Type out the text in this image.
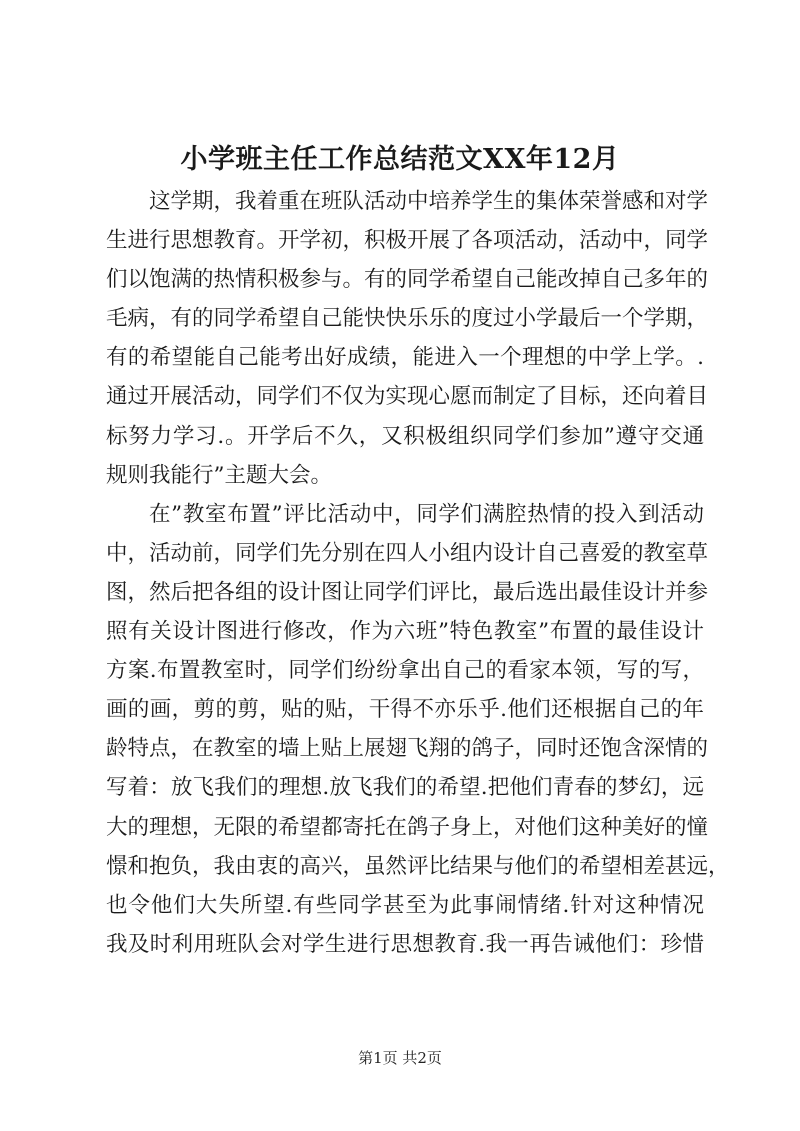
小学班主任工作总结范文XX年12月
这学期，我着重在班队活动中培养学生的集体荣誉感和对学
生进行思想教育。开学初，积极开展了各项活动，活动中，同学
们以饱满的热情积极参与。有的同学希望自己能改掉自己多年的
毛病，有的同学希望自己能快快乐乐的度过小学最后一个学期，
有的希望能自己能考出好成绩，能进入一个理想的中学上学。.
通过开展活动，同学们不仅为实现心愿而制定了目标，还向着目
标努力学习.。开学后不久，又积极组织同学们参加”遵守交通
规则我能行”主题大会。
在”教室布置”评比活动中，同学们满腔热情的投入到活动
中，活动前，同学们先分别在四人小组内设计自己喜爱的教室草
图，然后把各组的设计图让同学们评比，最后选出最佳设计并参
照有关设计图进行修改，作为六班”特色教室”布置的最佳设计
方案.布置教室时，同学们纷纷拿出自己的看家本领，写的写，
画的画，剪的剪，贴的贴，干得不亦乐乎.他们还根据自己的年
龄特点，在教室的墙上贴上展翅飞翔的鸽子，同时还饱含深情的
写着：放飞我们的理想.放飞我们的希望.把他们青春的梦幻，远
大的理想，无限的希望都寄托在鸽子身上，对他们这种美好的憧
憬和抱负，我由衷的高兴，虽然评比结果与他们的希望相差甚远，
也令他们大失所望.有些同学甚至为此事闹情绪.针对这种情况
我及时利用班队会对学生进行思想教育.我一再告诫他们：珍惜
第1页 共2页
